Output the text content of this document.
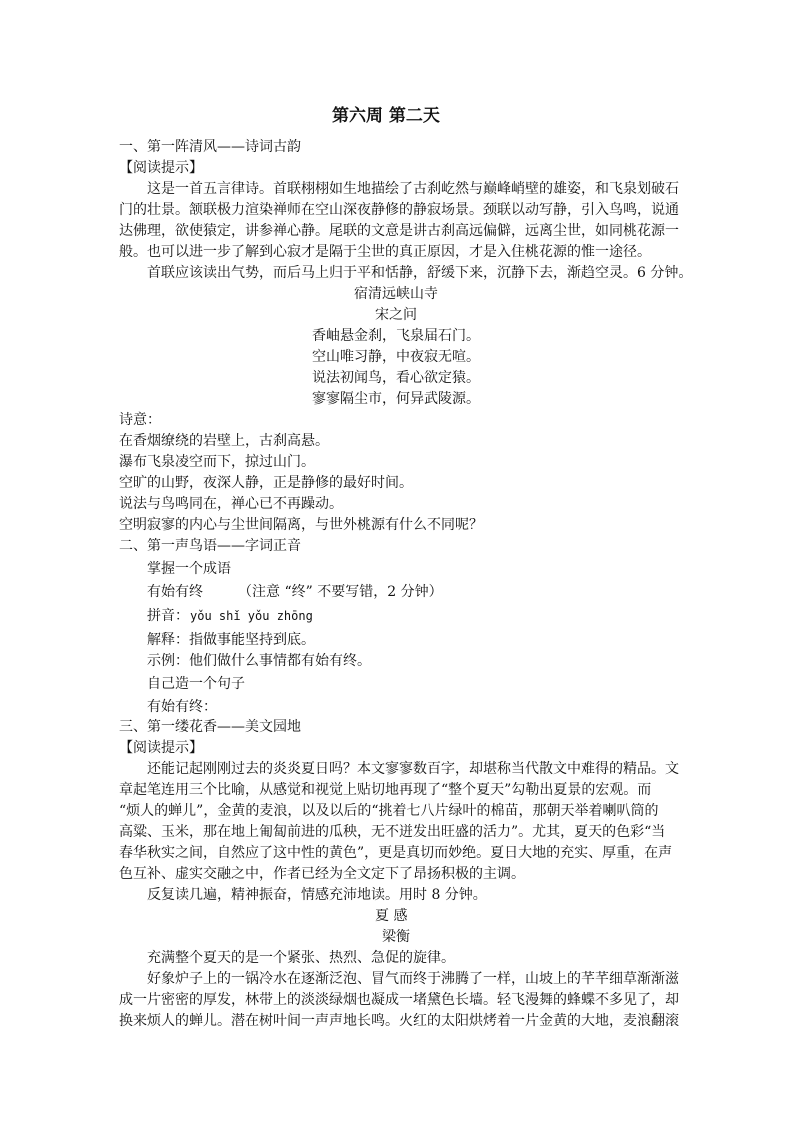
第六周 第二天
一、第一阵清风——诗词古韵
【阅读提示】
这是一首五言律诗。首联栩栩如生地描绘了古刹屹然与巅峰峭壁的雄姿，和飞泉划破石
门的壮景。颔联极力渲染禅师在空山深夜静修的静寂场景。颈联以动写静，引入鸟鸣，说通
达佛理，欲使猿定，讲参禅心静。尾联的文意是讲古刹高远偏僻，远离尘世，如同桃花源一
般。也可以进一步了解到心寂才是隔于尘世的真正原因，才是入住桃花源的惟一途径。
首联应该读出气势，而后马上归于平和恬静，舒缓下来，沉静下去，渐趋空灵。6 分钟。
宿清远峡山寺
宋之问
香岫悬金刹，飞泉届石门。
空山唯习静，中夜寂无喧。
说法初闻鸟，看心欲定猿。
寥寥隔尘市，何异武陵源。
诗意：
在香烟缭绕的岩壁上，古刹高悬。
瀑布飞泉凌空而下，掠过山门。
空旷的山野，夜深人静，正是静修的最好时间。
说法与鸟鸣同在，禅心已不再躁动。
空明寂寥的内心与尘世间隔离，与世外桃源有什么不同呢？
二、第一声鸟语——字词正音
掌握一个成语
有始有终	（注意 “终” 不要写错，2 分钟）
拼音： yǒu shǐ yǒu zhōng
解释：指做事能坚持到底。
示例：他们做什么事情都有始有终。
自己造一个句子
有始有终：
三、第一缕花香——美文园地
【阅读提示】
还能记起刚刚过去的炎炎夏日吗？本文寥寥数百字，却堪称当代散文中难得的精品。文
章起笔连用三个比喻，从感觉和视觉上贴切地再现了“整个夏天”勾勒出夏景的宏观。而
“烦人的蝉儿”，金黄的麦浪，以及以后的“挑着七八片绿叶的棉苗，那朝天举着喇叭筒的
高粱、玉米，那在地上匍匐前进的瓜秧，无不迸发出旺盛的活力”。尤其，夏天的色彩“当
春华秋实之间，自然应了这中性的黄色”，更是真切而妙绝。夏日大地的充实、厚重，在声
色互补、虚实交融之中，作者已经为全文定下了昂扬积极的主调。
反复读几遍，精神振奋，情感充沛地读。用时 8 分钟。
夏 感
梁衡
充满整个夏天的是一个紧张、热烈、急促的旋律。
好象炉子上的一锅冷水在逐渐泛泡、冒气而终于沸腾了一样，山坡上的芊芊细草渐渐滋
成一片密密的厚发，林带上的淡淡绿烟也凝成一堵黛色长墙。轻飞漫舞的蜂蝶不多见了，却
换来烦人的蝉儿。潜在树叶间一声声地长鸣。火红的太阳烘烤着一片金黄的大地，麦浪翻滚
